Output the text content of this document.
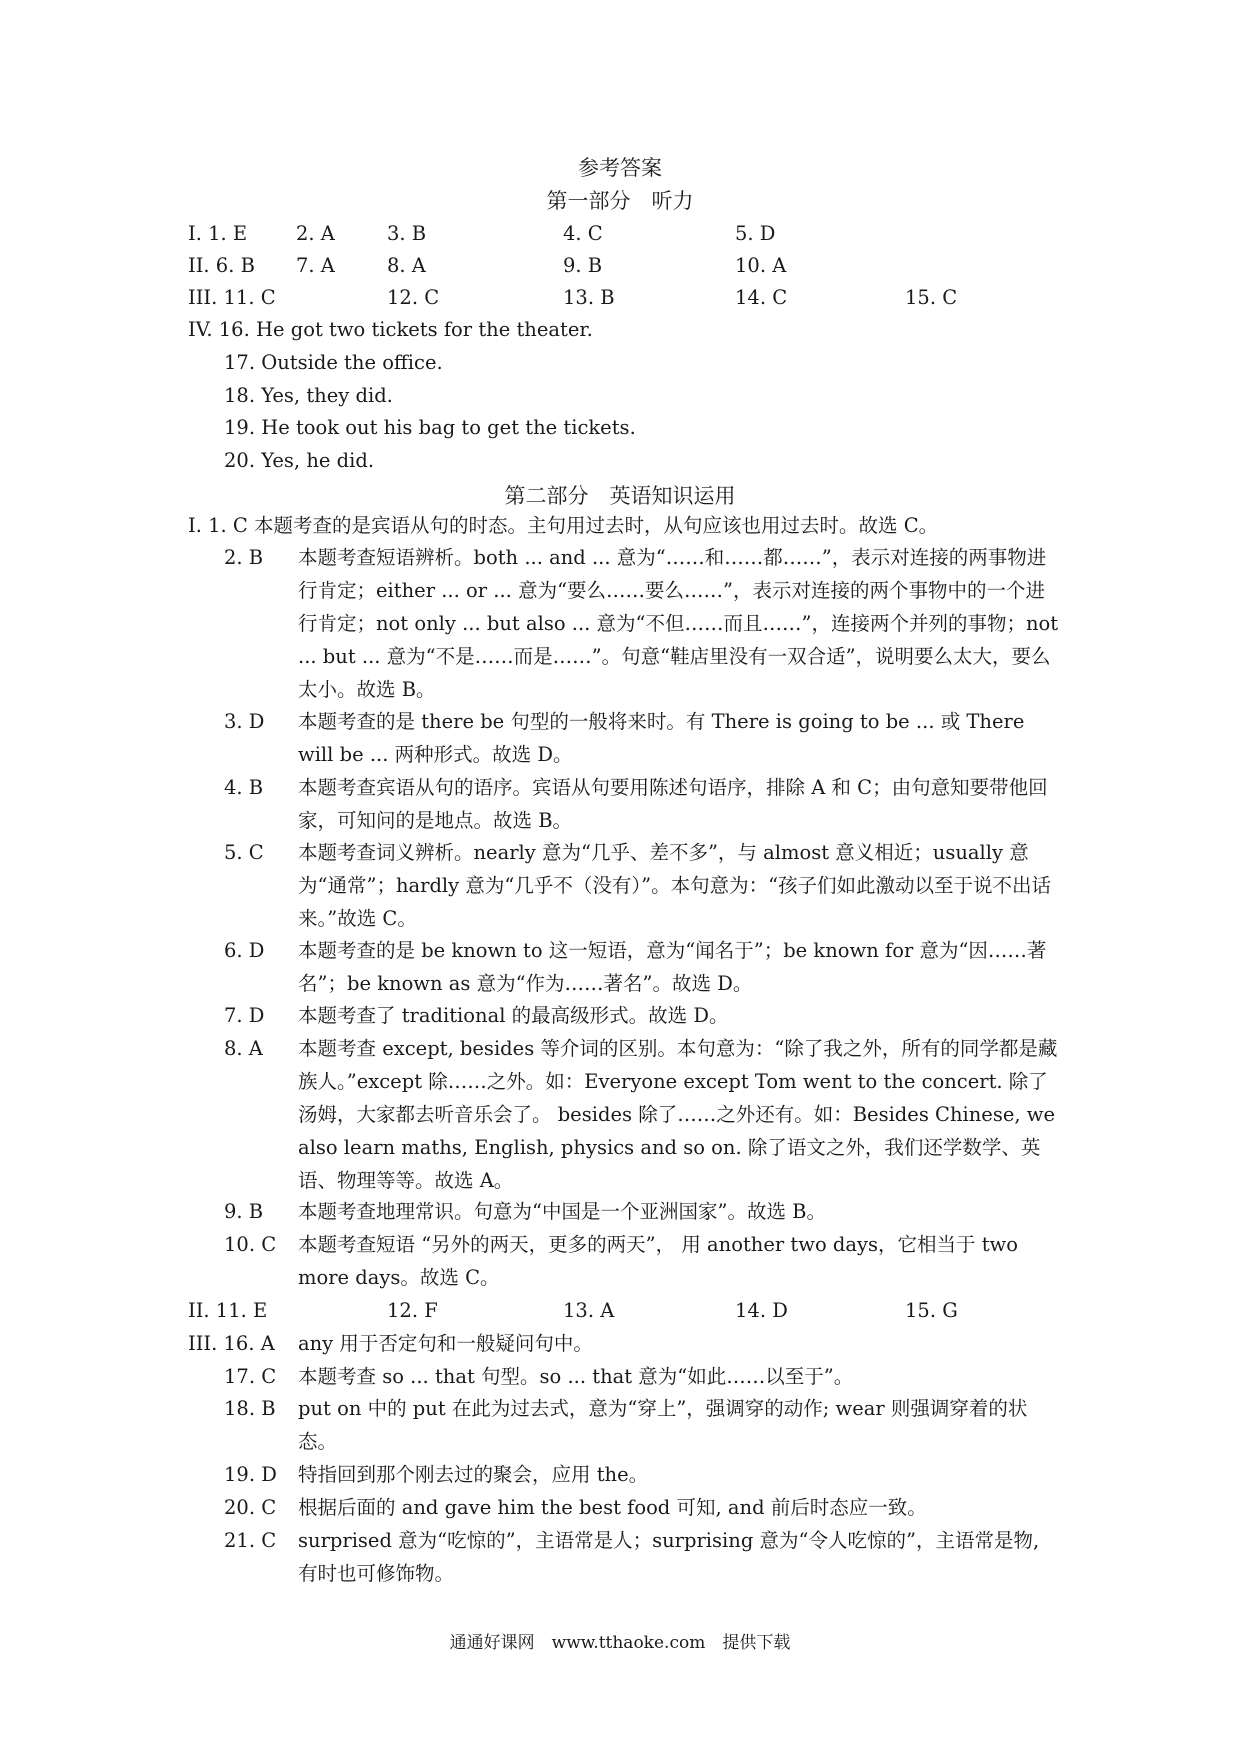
参考答案
第一部分　听力
I. 1. E	2. A	3. B	4. C	5. D
II. 6. B 7. A	8. A	9. B	10. A
III. 11. C	12. C	13. B	14. C	15. C
IV. 16. He got two tickets for the theater.
17. Outside the office.
18. Yes, they did.
19. He took out his bag to get the tickets.
20. Yes, he did.
第二部分　英语知识运用
I. 1. C 本题考查的是宾语从句的时态。主句用过去时，从句应该也用过去时。故选 C。
2. B 本题考查短语辨析。both ... and ... 意为“……和……都……”，表示对连接的两事物进行肯定；either ... or ... 意为“要么……要么……”，表示对连接的两个事物中的一个进行肯定；not only ... but also ... 意为“不但……而且……”，连接两个并列的事物；not ... but ... 意为“不是……而是……”。句意“鞋店里没有一双合适”，说明要么太大，要么太小。故选 B。
3. D 本题考查的是 there be 句型的一般将来时。有 There is going to be ... 或 There will be ... 两种形式。故选 D。
4. B 本题考查宾语从句的语序。宾语从句要用陈述句语序，排除 A 和 C；由句意知要带他回家，可知问的是地点。故选 B。
5. C 本题考查词义辨析。nearly 意为“几乎、差不多”，与 almost 意义相近；usually 意为“通常”；hardly 意为“几乎不（没有）”。本句意为：“孩子们如此激动以至于说不出话来。”故选 C。
6. D 本题考查的是 be known to 这一短语，意为“闻名于”；be known for 意为“因……著名”；be known as 意为“作为……著名”。故选 D。
7. D 本题考查了 traditional 的最高级形式。故选 D。
8. A 本题考查 except, besides 等介词的区别。本句意为：“除了我之外，所有的同学都是藏族人。”except 除……之外。如：Everyone except Tom went to the concert. 除了汤姆，大家都去听音乐会了。 besides 除了……之外还有。如：Besides Chinese, we also learn maths, English, physics and so on. 除了语文之外，我们还学数学、英语、物理等等。故选 A。
9. B 本题考查地理常识。句意为“中国是一个亚洲国家”。故选 B。
10. C 本题考查短语 “另外的两天，更多的两天”， 用 another two days，它相当于 two more days。故选 C。
II. 11. E	12. F	13. A	14. D	15. G
III. 16. A any 用于否定句和一般疑问句中。
17. C 本题考查 so ... that 句型。so ... that 意为“如此……以至于”。
18. B put on 中的 put 在此为过去式，意为“穿上”，强调穿的动作; wear 则强调穿着的状态。
19. D 特指回到那个刚去过的聚会，应用 the。
20. C 根据后面的 and gave him the best food 可知, and 前后时态应一致。
21. C surprised 意为“吃惊的”，主语常是人；surprising 意为“令人吃惊的”，主语常是物, 有时也可修饰物。
通通好课网　www.tthaoke.com　提供下载
